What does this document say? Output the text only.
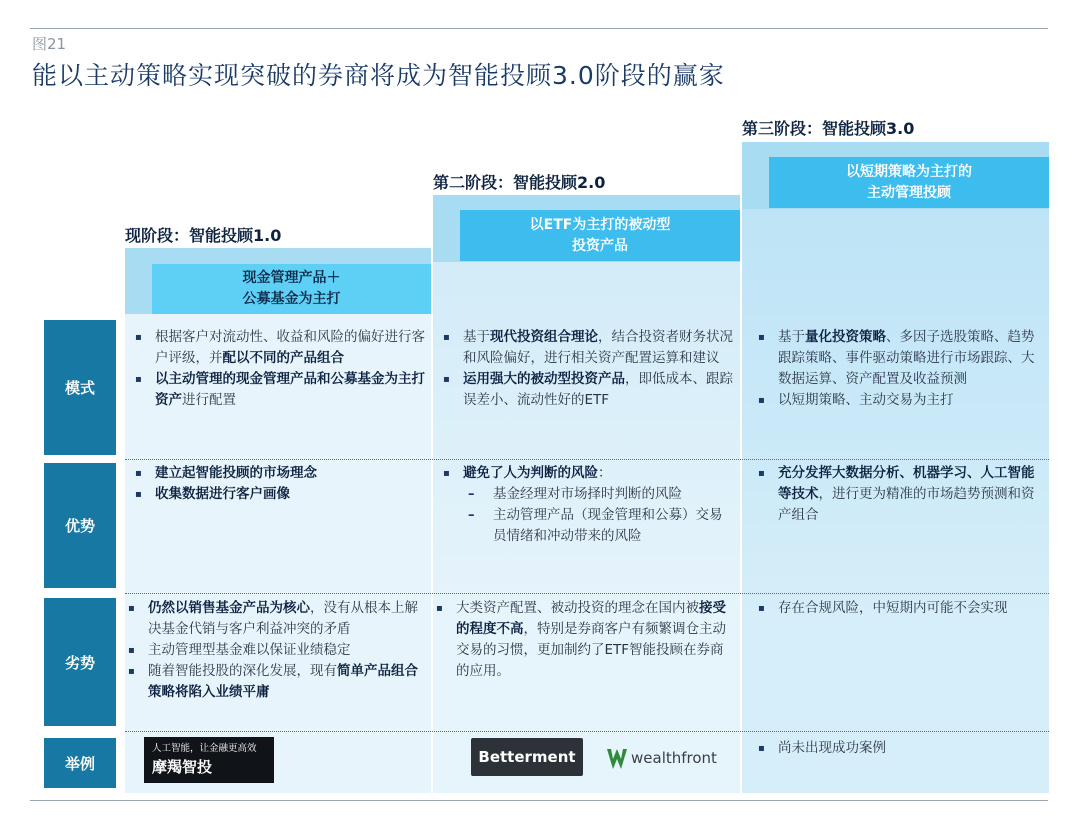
图21
能以主动策略实现突破的券商将成为智能投顾3.0阶段的赢家
现阶段：智能投顾1.0
第二阶段：智能投顾2.0
第三阶段：智能投顾3.0
现金管理产品＋
公募基金为主打
以ETF为主打的被动型
投资产品
以短期策略为主打的
主动管理投顾
模式
优势
劣势
举例
▪ 根据客户对流动性、收益和风险的偏好进行客户评级，并配以不同的产品组合
▪ 以主动管理的现金管理产品和公募基金为主打资产进行配置
▪ 基于现代投资组合理论，结合投资者财务状况和风险偏好，进行相关资产配置运算和建议
▪ 运用强大的被动型投资产品，即低成本、跟踪误差小、流动性好的ETF
▪ 基于量化投资策略、多因子选股策略、趋势跟踪策略、事件驱动策略进行市场跟踪、大数据运算、资产配置及收益预测
▪ 以短期策略、主动交易为主打
▪ 建立起智能投顾的市场理念
▪ 收集数据进行客户画像
▪ 避免了人为判断的风险：
– 基金经理对市场择时判断的风险
– 主动管理产品（现金管理和公募）交易员情绪和冲动带来的风险
▪ 充分发挥大数据分析、机器学习、人工智能等技术，进行更为精准的市场趋势预测和资产组合
▪ 仍然以销售基金产品为核心，没有从根本上解决基金代销与客户利益冲突的矛盾
▪ 主动管理型基金难以保证业绩稳定
▪ 随着智能投股的深化发展，现有简单产品组合策略将陷入业绩平庸
▪ 大类资产配置、被动投资的理念在国内被接受的程度不高，特别是券商客户有频繁调仓主动交易的习惯，更加制约了ETF智能投顾在券商的应用。
▪ 存在合规风险，中短期内可能不会实现
人工智能，让金融更高效
摩羯智投
Betterment	wealthfront
▪ 尚未出现成功案例
